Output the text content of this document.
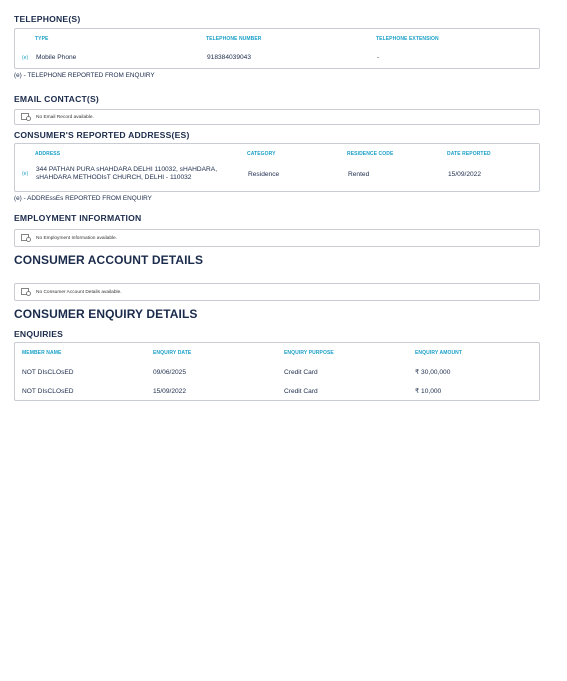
TELEPHONE(S)
TYPE	TELEPHONE NUMBER	TELEPHONE EXTENSION
(e)	Mobile Phone	918384039043	-
(e) - TELEPHONE REPORTED FROM ENQUIRY
EMAIL CONTACT(S)
No Email Record available.
CONSUMER'S REPORTED ADDRESS(ES)
ADDRESS	CATEGORY	RESIDENCE CODE	DATE REPORTED
(e)
344 PATHAN PURA sHAHDARA DELHI 110032, sHAHDARA, sHAHDARA METHODIsT CHURCH, DELHI - 110032	Residence	Rented	15/09/2022
(e) - ADDREssEs REPORTED FROM ENQUIRY
EMPLOYMENT INFORMATION
No Employment Information available.
CONSUMER ACCOUNT DETAILS
No Consumer Account Details available.
CONSUMER ENQUIRY DETAILS
ENQUIRIES
MEMBER NAME	ENQUIRY DATE	ENQUIRY PURPOSE	ENQUIRY AMOUNT
NOT DIsCLOsED	09/06/2025	Credit Card	₹ 30,00,000
NOT DIsCLOsED	15/09/2022	Credit Card	₹ 10,000
